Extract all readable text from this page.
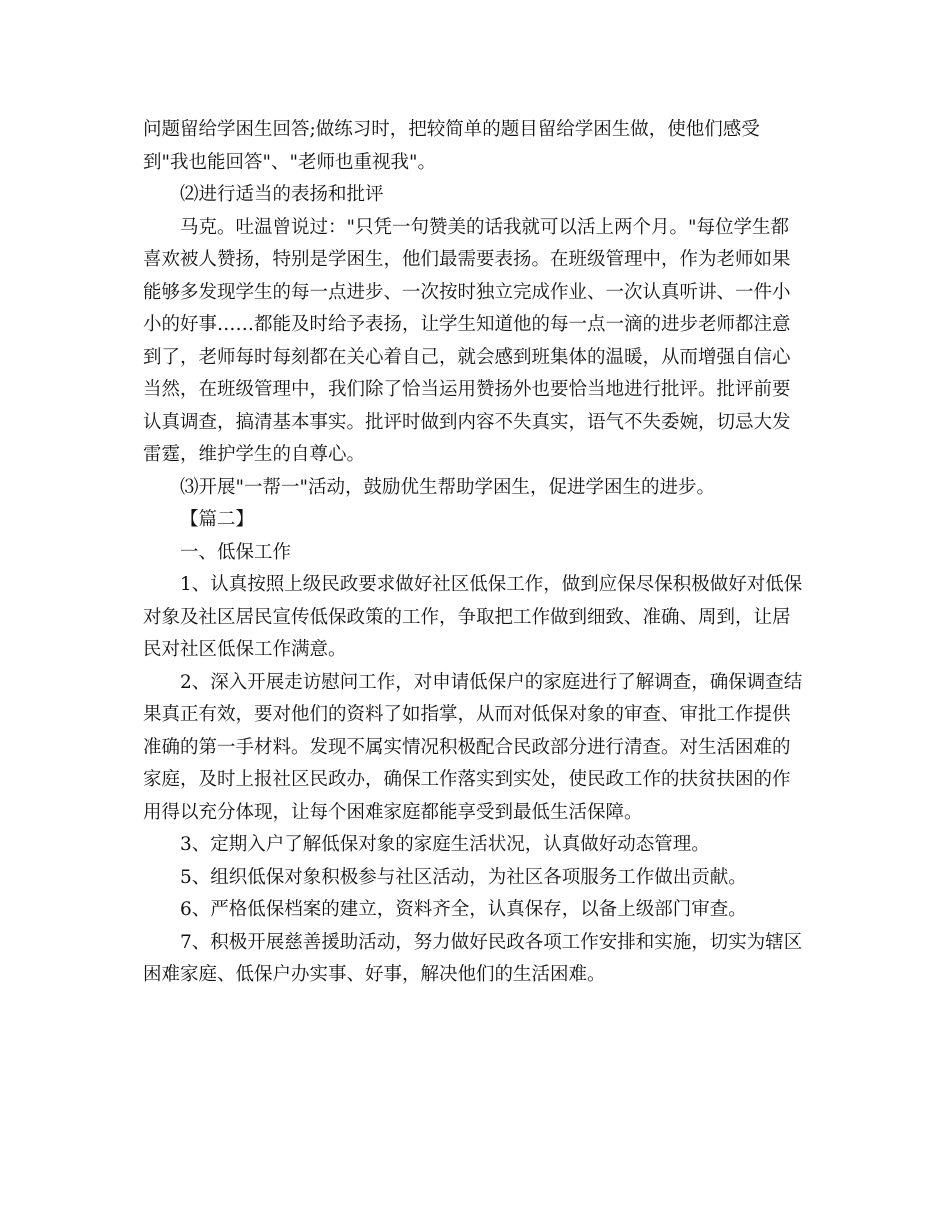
问题留给学困生回答;做练习时，把较简单的题目留给学困生做，使他们感受
到"我也能回答"、"老师也重视我"。
⑵进行适当的表扬和批评
马克。吐温曾说过："只凭一句赞美的话我就可以活上两个月。"每位学生都
喜欢被人赞扬，特别是学困生，他们最需要表扬。在班级管理中，作为老师如果
能够多发现学生的每一点进步、一次按时独立完成作业、一次认真听讲、一件小
小的好事……都能及时给予表扬，让学生知道他的每一点一滴的进步老师都注意
到了，老师每时每刻都在关心着自己，就会感到班集体的温暖，从而增强自信心
当然，在班级管理中，我们除了恰当运用赞扬外也要恰当地进行批评。批评前要
认真调查，搞清基本事实。批评时做到内容不失真实，语气不失委婉，切忌大发
雷霆，维护学生的自尊心。
⑶开展"一帮一"活动，鼓励优生帮助学困生，促进学困生的进步。
【篇二】
一、低保工作
1、认真按照上级民政要求做好社区低保工作，做到应保尽保积极做好对低保
对象及社区居民宣传低保政策的工作，争取把工作做到细致、准确、周到，让居
民对社区低保工作满意。
2、深入开展走访慰问工作，对申请低保户的家庭进行了解调查，确保调查结
果真正有效，要对他们的资料了如指掌，从而对低保对象的审查、审批工作提供
准确的第一手材料。发现不属实情况积极配合民政部分进行清查。对生活困难的
家庭，及时上报社区民政办，确保工作落实到实处，使民政工作的扶贫扶困的作
用得以充分体现，让每个困难家庭都能享受到最低生活保障。
3、定期入户了解低保对象的家庭生活状况，认真做好动态管理。
5、组织低保对象积极参与社区活动，为社区各项服务工作做出贡献。
6、严格低保档案的建立，资料齐全，认真保存，以备上级部门审查。
7、积极开展慈善援助活动，努力做好民政各项工作安排和实施，切实为辖区
困难家庭、低保户办实事、好事，解决他们的生活困难。
